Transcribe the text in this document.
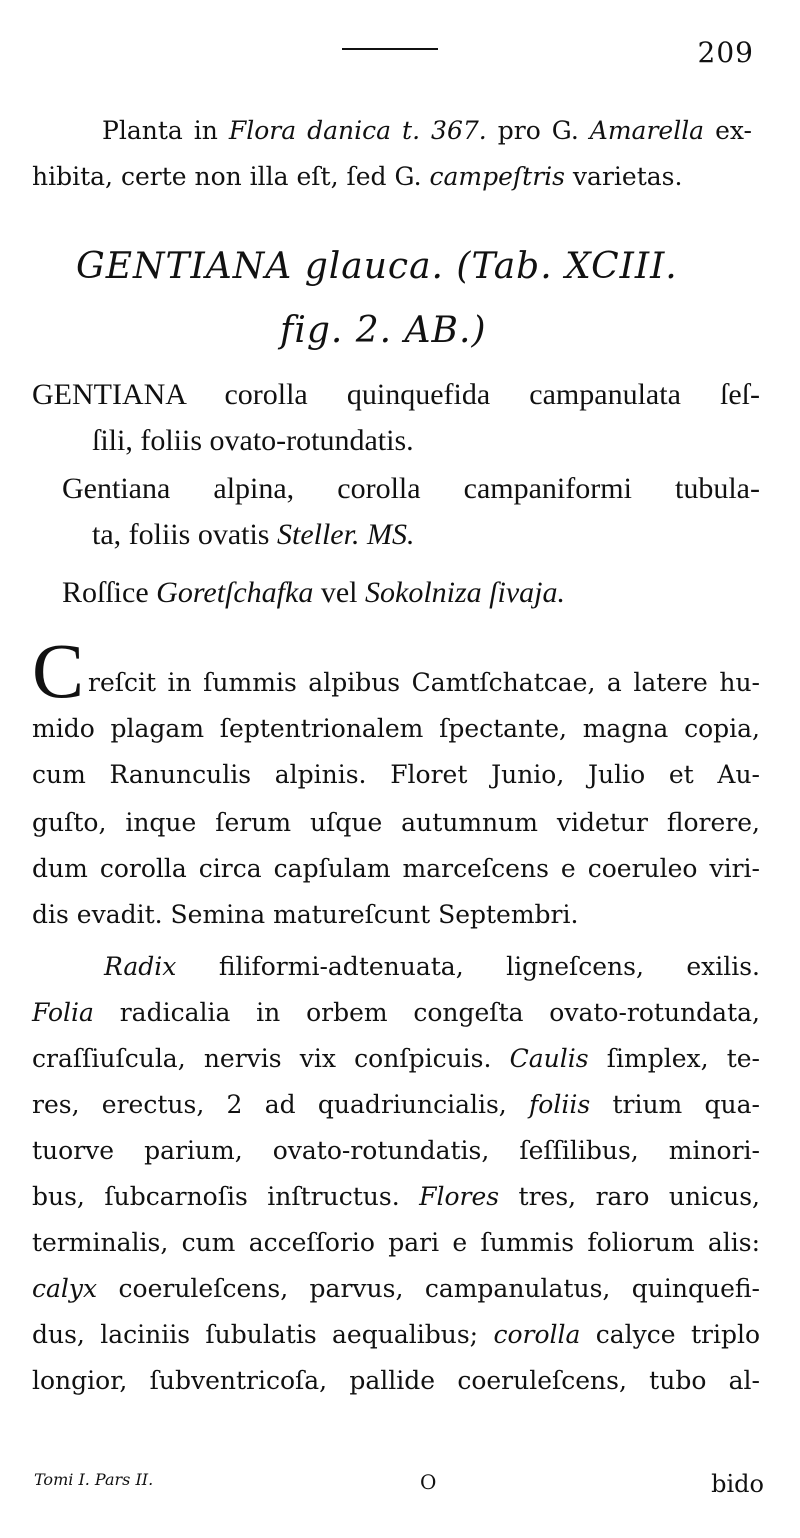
209
Planta in Flora danica t. 367. pro G. Amarella ex-
hibita, certe non illa eſt, ſed G. campeſtris varietas.
GENTIANA glauca. (Tab. XCIII.
fig. 2. AB.)
GENTIANA corolla quinquefida campanulata ſeſ-
ſili, foliis ovato-rotundatis.
Gentiana alpina, corolla campaniformi tubula-
ta, foliis ovatis Steller. MS.
Roſſice Goretſchafka vel Sokolniza ſivaja.
C reſcit in ſummis alpibus Camtſchatcae, a latere hu-
mido plagam ſeptentrionalem ſpectante, magna copia,
cum Ranunculis alpinis. Floret Junio, Julio et Au-
guſto, inque ſerum uſque autumnum videtur florere,
dum corolla circa capſulam marceſcens e coeruleo viri-
dis evadit. Semina matureſcunt Septembri.
Radix filiformi-adtenuata, ligneſcens, exilis.
Folia radicalia in orbem congeſta ovato-rotundata,
craſſiuſcula, nervis vix conſpicuis. Caulis ſimplex, te-
res, erectus, 2 ad quadriuncialis, foliis trium qua-
tuorve parium, ovato-rotundatis, ſeſſilibus, minori-
bus, ſubcarnoſis inſtructus. Flores tres, raro unicus,
terminalis, cum acceſſorio pari e ſummis foliorum alis:
calyx coeruleſcens, parvus, campanulatus, quinquefi-
dus, laciniis ſubulatis aequalibus; corolla calyce triplo
longior, ſubventricoſa, pallide coeruleſcens, tubo al-
Tomi I. Pars II.	O	bido
